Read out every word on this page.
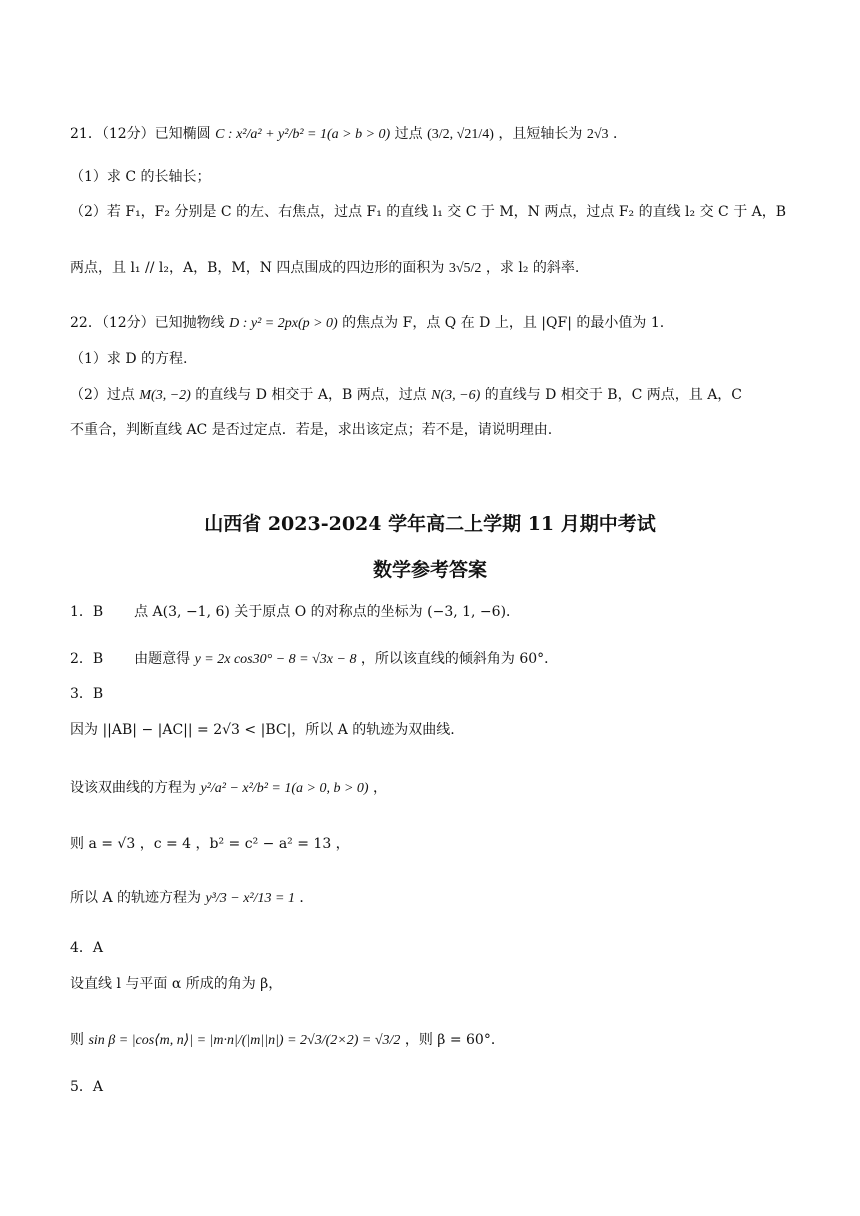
21．（12分）已知椭圆 C : x²/a² + y²/b² = 1(a > b > 0) 过点 (3/2, √21/4) ，且短轴长为 2√3 ．
（1）求 C 的长轴长；
（2）若 F₁，F₂ 分别是 C 的左、右焦点，过点 F₁ 的直线 l₁ 交 C 于 M，N 两点，过点 F₂ 的直线 l₂ 交 C 于 A，B
两点，且 l₁ // l₂，A，B，M，N 四点围成的四边形的面积为 3√5/2 ，求 l₂ 的斜率.
22．（12分）已知抛物线 D : y² = 2px(p > 0) 的焦点为 F，点 Q 在 D 上，且 |QF| 的最小值为 1.
（1）求 D 的方程.
（2）过点 M(3, −2) 的直线与 D 相交于 A，B 两点，过点 N(3, −6) 的直线与 D 相交于 B，C 两点，且 A，C
不重合，判断直线 AC 是否过定点．若是，求出该定点；若不是，请说明理由.
山西省 2023-2024 学年高二上学期 11 月期中考试
数学参考答案
1．B 点 A(3, −1, 6) 关于原点 O 的对称点的坐标为 (−3, 1, −6)．
2．B 由题意得 y = 2x cos30° − 8 = √3x − 8 ，所以该直线的倾斜角为 60°．
3．B
因为 ||AB| − |AC|| = 2√3 < |BC|，所以 A 的轨迹为双曲线.
设该双曲线的方程为 y²/a² − x²/b² = 1(a > 0, b > 0) ，
则 a = √3 ，c = 4 ，b² = c² − a² = 13 ，
所以 A 的轨迹方程为 y³/3 − x²/13 = 1 ．
4．A
设直线 l 与平面 α 所成的角为 β，
则 sin β = |cos⟨m, n⟩| = |m·n|/(|m||n|) = 2√3/(2×2) = √3/2 ，则 β = 60°．
5．A
